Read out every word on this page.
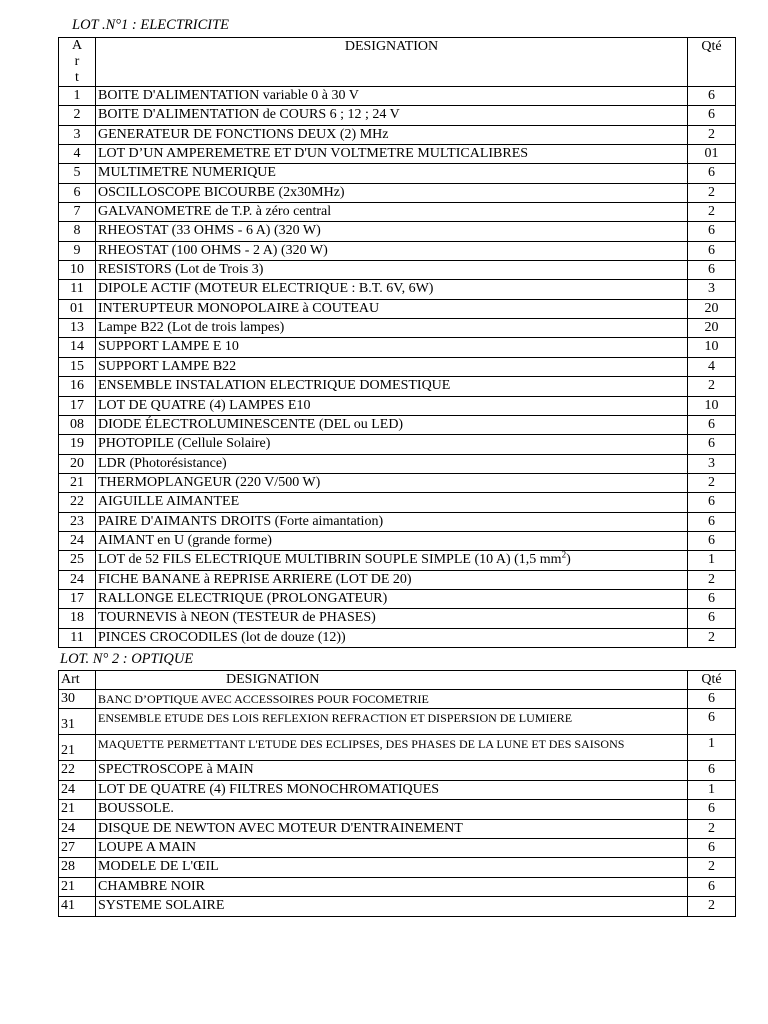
LOT .N°1 : ELECTRICITE
A
r
t	DESIGNATION	Qté
1	BOITE D'ALIMENTATION variable 0 à 30 V	6
2	BOITE D'ALIMENTATION de COURS 6 ; 12 ; 24 V	6
3	GENERATEUR DE FONCTIONS DEUX (2) MHz	2
4	LOT D’UN AMPEREMETRE ET D'UN VOLTMETRE MULTICALIBRES	01
5	MULTIMETRE NUMERIQUE	6
6	OSCILLOSCOPE BICOURBE (2x30MHz)	2
7	GALVANOMETRE de T.P. à zéro central	2
8	RHEOSTAT (33 OHMS - 6 A) (320 W)	6
9	RHEOSTAT (100 OHMS - 2 A) (320 W)	6
10	RESISTORS (Lot de Trois 3)	6
11	DIPOLE ACTIF (MOTEUR ELECTRIQUE : B.T. 6V, 6W)	3
01	INTERUPTEUR MONOPOLAIRE à COUTEAU	20
13	Lampe B22 (Lot de trois lampes)	20
14	SUPPORT LAMPE E 10	10
15	SUPPORT LAMPE B22	4
16	ENSEMBLE INSTALATION ELECTRIQUE DOMESTIQUE	2
17	LOT DE QUATRE (4) LAMPES E10	10
08	DIODE ÉLECTROLUMINESCENTE (DEL ou LED)	6
19	PHOTOPILE (Cellule Solaire)	6
20	LDR (Photorésistance)	3
21	THERMOPLANGEUR (220 V/500 W)	2
22	AIGUILLE AIMANTEE	6
23	PAIRE D'AIMANTS DROITS (Forte aimantation)	6
24	AIMANT en U (grande forme)	6
25	LOT de 52 FILS ELECTRIQUE MULTIBRIN SOUPLE SIMPLE (10 A) (1,5 $mm^2$)	1
24	FICHE BANANE à REPRISE ARRIERE (LOT DE 20)	2
17	RALLONGE ELECTRIQUE (PROLONGATEUR)	6
18	TOURNEVIS à NEON (TESTEUR de PHASES)	6
11	PINCES CROCODILES (lot de douze (12))	2
LOT. N° 2 : OPTIQUE
Art	DESIGNATION	Qté
30	BANC D’OPTIQUE AVEC ACCESSOIRES POUR FOCOMETRIE	6
31	ENSEMBLE ETUDE DES LOIS REFLEXION REFRACTION ET DISPERSION DE LUMIERE	6
21	MAQUETTE PERMETTANT L'ETUDE DES ECLIPSES, DES PHASES DE LA LUNE ET DES SAISONS	1
22	SPECTROSCOPE à MAIN	6
24	LOT DE QUATRE (4) FILTRES MONOCHROMATIQUES	1
21	BOUSSOLE.	6
24	DISQUE DE NEWTON AVEC MOTEUR D'ENTRAINEMENT	2
27	LOUPE A MAIN	6
28	MODELE DE L'ŒIL	2
21	CHAMBRE NOIR	6
41	SYSTEME SOLAIRE	2
